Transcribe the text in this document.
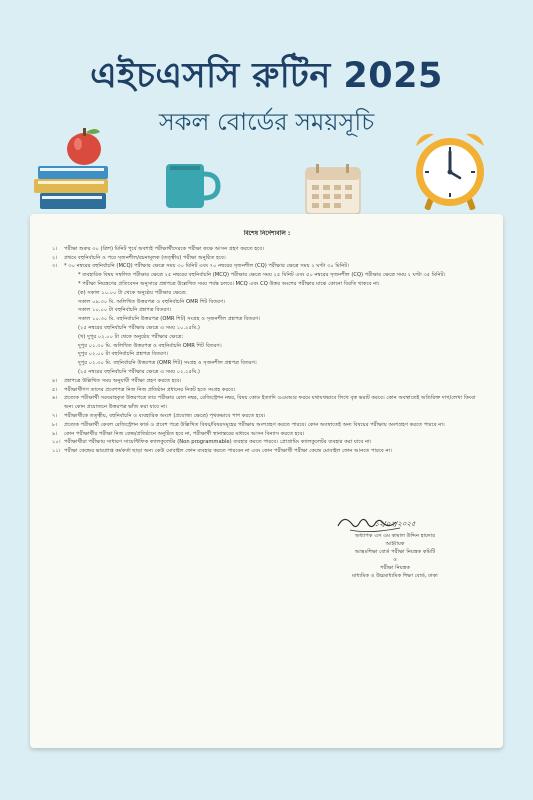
এইচএসসি রুটিন 2025
সকল বোর্ডের সময়সূচি
বিশেষ নির্দেশাবলি :
১।	পরীক্ষা শুরুর ৩০ (ত্রিশ) মিনিট পূর্বে অবশ্যই পরীক্ষার্থীদেরকে পরীক্ষা কক্ষে আসন গ্রহণ করতে হবে।
২।	প্রথমে বহুনির্বাচনি ও পরে সৃজনশীল/রচনামূলক (তত্ত্বীয়) পরীক্ষা অনুষ্ঠিত হবে।
৩।	* ৩০ নম্বরের বহুনির্বাচনি (MCQ) পরীক্ষার ক্ষেত্রে সময় ৩০ মিনিট এবং ৭০ নম্বরের সৃজনশীল (CQ) পরীক্ষার ক্ষেত্রে সময় ২ ঘণ্টা ৩০ মিনিট।
* ব্যবহারিক বিষয় সম্বলিত পরীক্ষার ক্ষেত্রে ২৫ নম্বরের বহুনির্বাচনি (MCQ) পরীক্ষার ক্ষেত্রে সময় ২৫ মিনিট এবং ৫০ নম্বরের সৃজনশীল (CQ) পরীক্ষার ক্ষেত্রে সময় ২ ঘণ্টা ৩৫ মিনিট।
* পরীক্ষা নিয়ন্ত্রণের প্রতিবেদন অনুসারে প্রশ্নপত্রে উল্লেখিত সময় পর্যন্ত চলবে। MCQ এবং CQ উত্তর অংশের পরীক্ষার মাঝে কোনো বিরতি থাকবে না।
(ক) সকাল ১০.০০ টা থেকে অনুষ্ঠেয় পরীক্ষার ক্ষেত্রে:
সকাল ০৯.৩০ মি. অলিখিত উত্তরপত্র ও বহুনির্বাচনি OMR শিট বিতরণ।
সকাল ১০.০০ টা বহুনির্বাচনি প্রশ্নপত্র বিতরণ।
সকাল ১০.৩০ মি. বহুনির্বাচনি উত্তরপত্র (OMR শিট) সংগ্রহ ও সৃজনশীল প্রশ্নপত্র বিতরণ।
(২৫ নম্বরের বহুনির্বাচনি পরীক্ষার ক্ষেত্রে এ সময় ১০.২৫মি.)
(খ) দুপুর ০২.০০ টা থেকে অনুষ্ঠেয় পরীক্ষার ক্ষেত্রে:
দুপুর ০১.৩০ মি. অলিখিত উত্তরপত্র ও বহুনির্বাচনি OMR শিট বিতরণ।
দুপুর ০২.০০ টা বহুনির্বাচনি প্রশ্নপত্র বিতরণ।
দুপুর ০২.৩০ মি. বহুনির্বাচনি উত্তরপত্র (OMR শিট) সংগ্রহ ও সৃজনশীল প্রশ্নপত্র বিতরণ।
(২৫ নম্বরের বহুনির্বাচনি পরীক্ষার ক্ষেত্রে এ সময় ০২.২৫মি.)
৪।	প্রশ্নপত্রে উল্লিখিত সময় অনুযায়ী পরীক্ষা গ্রহণ করতে হবে।
৫।	পরীক্ষার্থীগণ তাদের প্রবেশপত্র নিজ নিজ প্রতিষ্ঠান প্রধানের নিকট হতে সংগ্রহ করবে।
৬।	প্রত্যেক পরীক্ষার্থী সরবরাহকৃত উত্তরপত্রে তার পরীক্ষার রোল নম্বর, রেজিস্ট্রেশন নম্বর, বিষয় কোড ইত্যাদি ওএমআর ফরমে যথাযথভাবে লিখে বৃত্ত ভরাট করবে। কোন অবস্থাতেই অতিরিক্ত দাগ/লেখা কিংবা অন্য কোন প্রয়োজনে উত্তরপত্র ভাঁজ করা যাবে না।
৭।	পরীক্ষার্থীকে তত্ত্বীয়, বহুনির্বাচনি ও ব্যবহারিক অংশে (প্রযোজ্য ক্ষেত্রে) পৃথকভাবে পাশ করতে হবে।
৮।	প্রত্যেক পরীক্ষার্থী কেবল রেজিস্ট্রেশন কার্ড ও প্রবেশ পত্রে উল্লিখিত বিষয়/বিষয়সমূহের পরীক্ষায় অংশগ্রহণ করতে পারবে। কোন অবস্থাতেই অন্য বিষয়ের পরীক্ষায় অংশগ্রহণ করতে পারবে না।
৯।	কোন পরীক্ষার্থীর পরীক্ষা নিজ কেন্দ্র/প্রতিষ্ঠানে অনুষ্ঠিত হবে না, পরীক্ষার্থী স্থানান্তরের মাধ্যমে আসন বিন্যাস করতে হবে।
১০। পরীক্ষার্থীরা পরীক্ষায় সাধারণ সায়েন্টিফিক ক্যালকুলেটর (Non programmable) ব্যবহার করতে পারবে। প্রোগ্রামিং ক্যালকুলেটর ব্যবহার করা যাবে না।
১১। পরীক্ষা কেন্দ্রের ভারপ্রাপ্ত কর্মকর্তা ছাড়া অন্য কেউ মোবাইল ফোন ব্যবহার করতে পারবেন না এবং কোন পরীক্ষার্থী পরীক্ষা কেন্দ্রে মোবাইল ফোন আনতে পারবে না।
১২/০২/২০২৫
অধ্যাপক এস এম কামাল উদ্দিন হায়দার
আহ্বায়ক
আন্তঃশিক্ষা বোর্ড পরীক্ষা নিয়ন্ত্রক কমিটি
ও
পরীক্ষা নিয়ন্ত্রক
মাধ্যমিক ও উচ্চমাধ্যমিক শিক্ষা বোর্ড, ঢাকা
